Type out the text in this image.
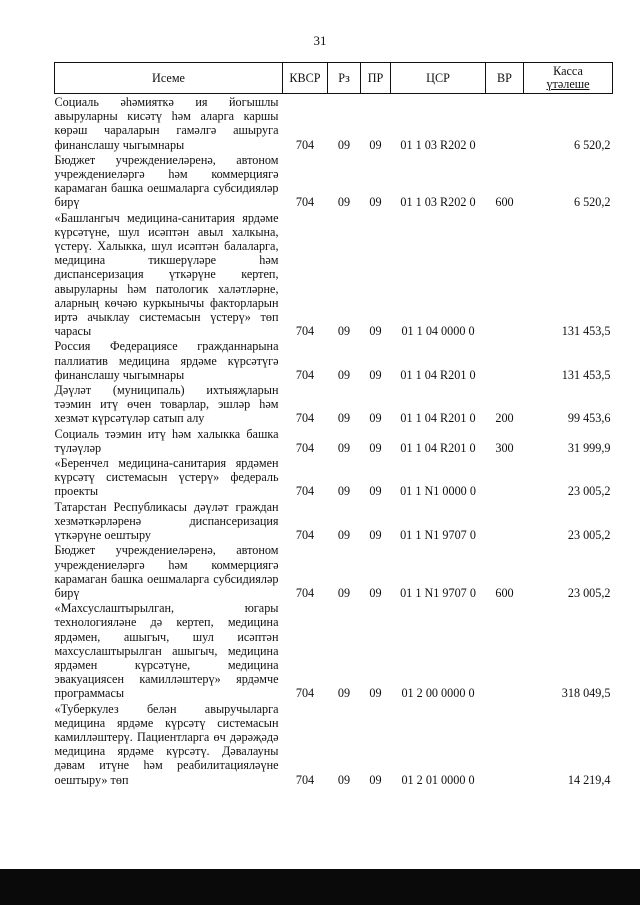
31
Исеме	КВСР	Рз	ПР	ЦСР	ВР	Касса
үтәлеше
Социаль әһәмияткә ия йогышлы авыруларны кисәтү һәм аларга каршы көрәш чараларын гамәлгә ашыруга финанслашу чыгымнары	704	09	09	01 1 03 R202 0		6 520,2
Бюджет учреждениеләренә, автоном учреждениеләргә һәм коммерциягә карамаган башка оешмаларга субсидияләр бирү	704	09	09	01 1 03 R202 0	600	6 520,2
«Башлангыч медицина-санитария ярдәме күрсәтүне, шул исәптән авыл халкына, үстерү. Халыкка, шул исәптән балаларга, медицина тикшерүләре һәм диспансеризация үткәрүне кертеп, авыруларны һәм патологик халәтләрне, аларның көчәю куркынычы факторларын иртә ачыклау системасын үстерү» төп чарасы	704	09	09	01 1 04 0000 0		131 453,5
Россия Федерациясе гражданнарына паллиатив медицина ярдәме күрсәтүгә финанслашу чыгымнары	704	09	09	01 1 04 R201 0		131 453,5
Дәүләт (муниципаль) ихтыяҗларын тәэмин итү өчен товарлар, эшләр һәм хезмәт күрсәтүләр сатып алу	704	09	09	01 1 04 R201 0	200	99 453,6
Социаль тәэмин итү һәм халыкка башка түләүләр	704	09	09	01 1 04 R201 0	300	31 999,9
«Беренчел медицина-санитария ярдәмен күрсәтү системасын үстерү» федераль проекты	704	09	09	01 1 N1 0000 0		23 005,2
Татарстан Республикасы дәүләт граждан хезмәткәрләренә диспансеризация үткәрүне оештыру	704	09	09	01 1 N1 9707 0		23 005,2
Бюджет учреждениеләренә, автоном учреждениеләргә һәм коммерциягә карамаган башка оешмаларга субсидияләр бирү	704	09	09	01 1 N1 9707 0	600	23 005,2
«Махсуслаштырылган, югары технологияләне дә кертеп, медицина ярдәмен, ашыгыч, шул исәптән махсуслаштырылган ашыгыч, медицина ярдәмен күрсәтүне, медицина эвакуациясен камилләштерү» ярдәмче программасы	704	09	09	01 2 00 0000 0		318 049,5
«Туберкулез белән авыручыларга медицина ярдәме күрсәтү системасын камилләштерү. Пациентларга өч дәрәҗәдә медицина ярдәме күрсәтү. Дәвалауны дәвам итүне һәм реабилитацияләүне оештыру» төп	704	09	09	01 2 01 0000 0		14 219,4
